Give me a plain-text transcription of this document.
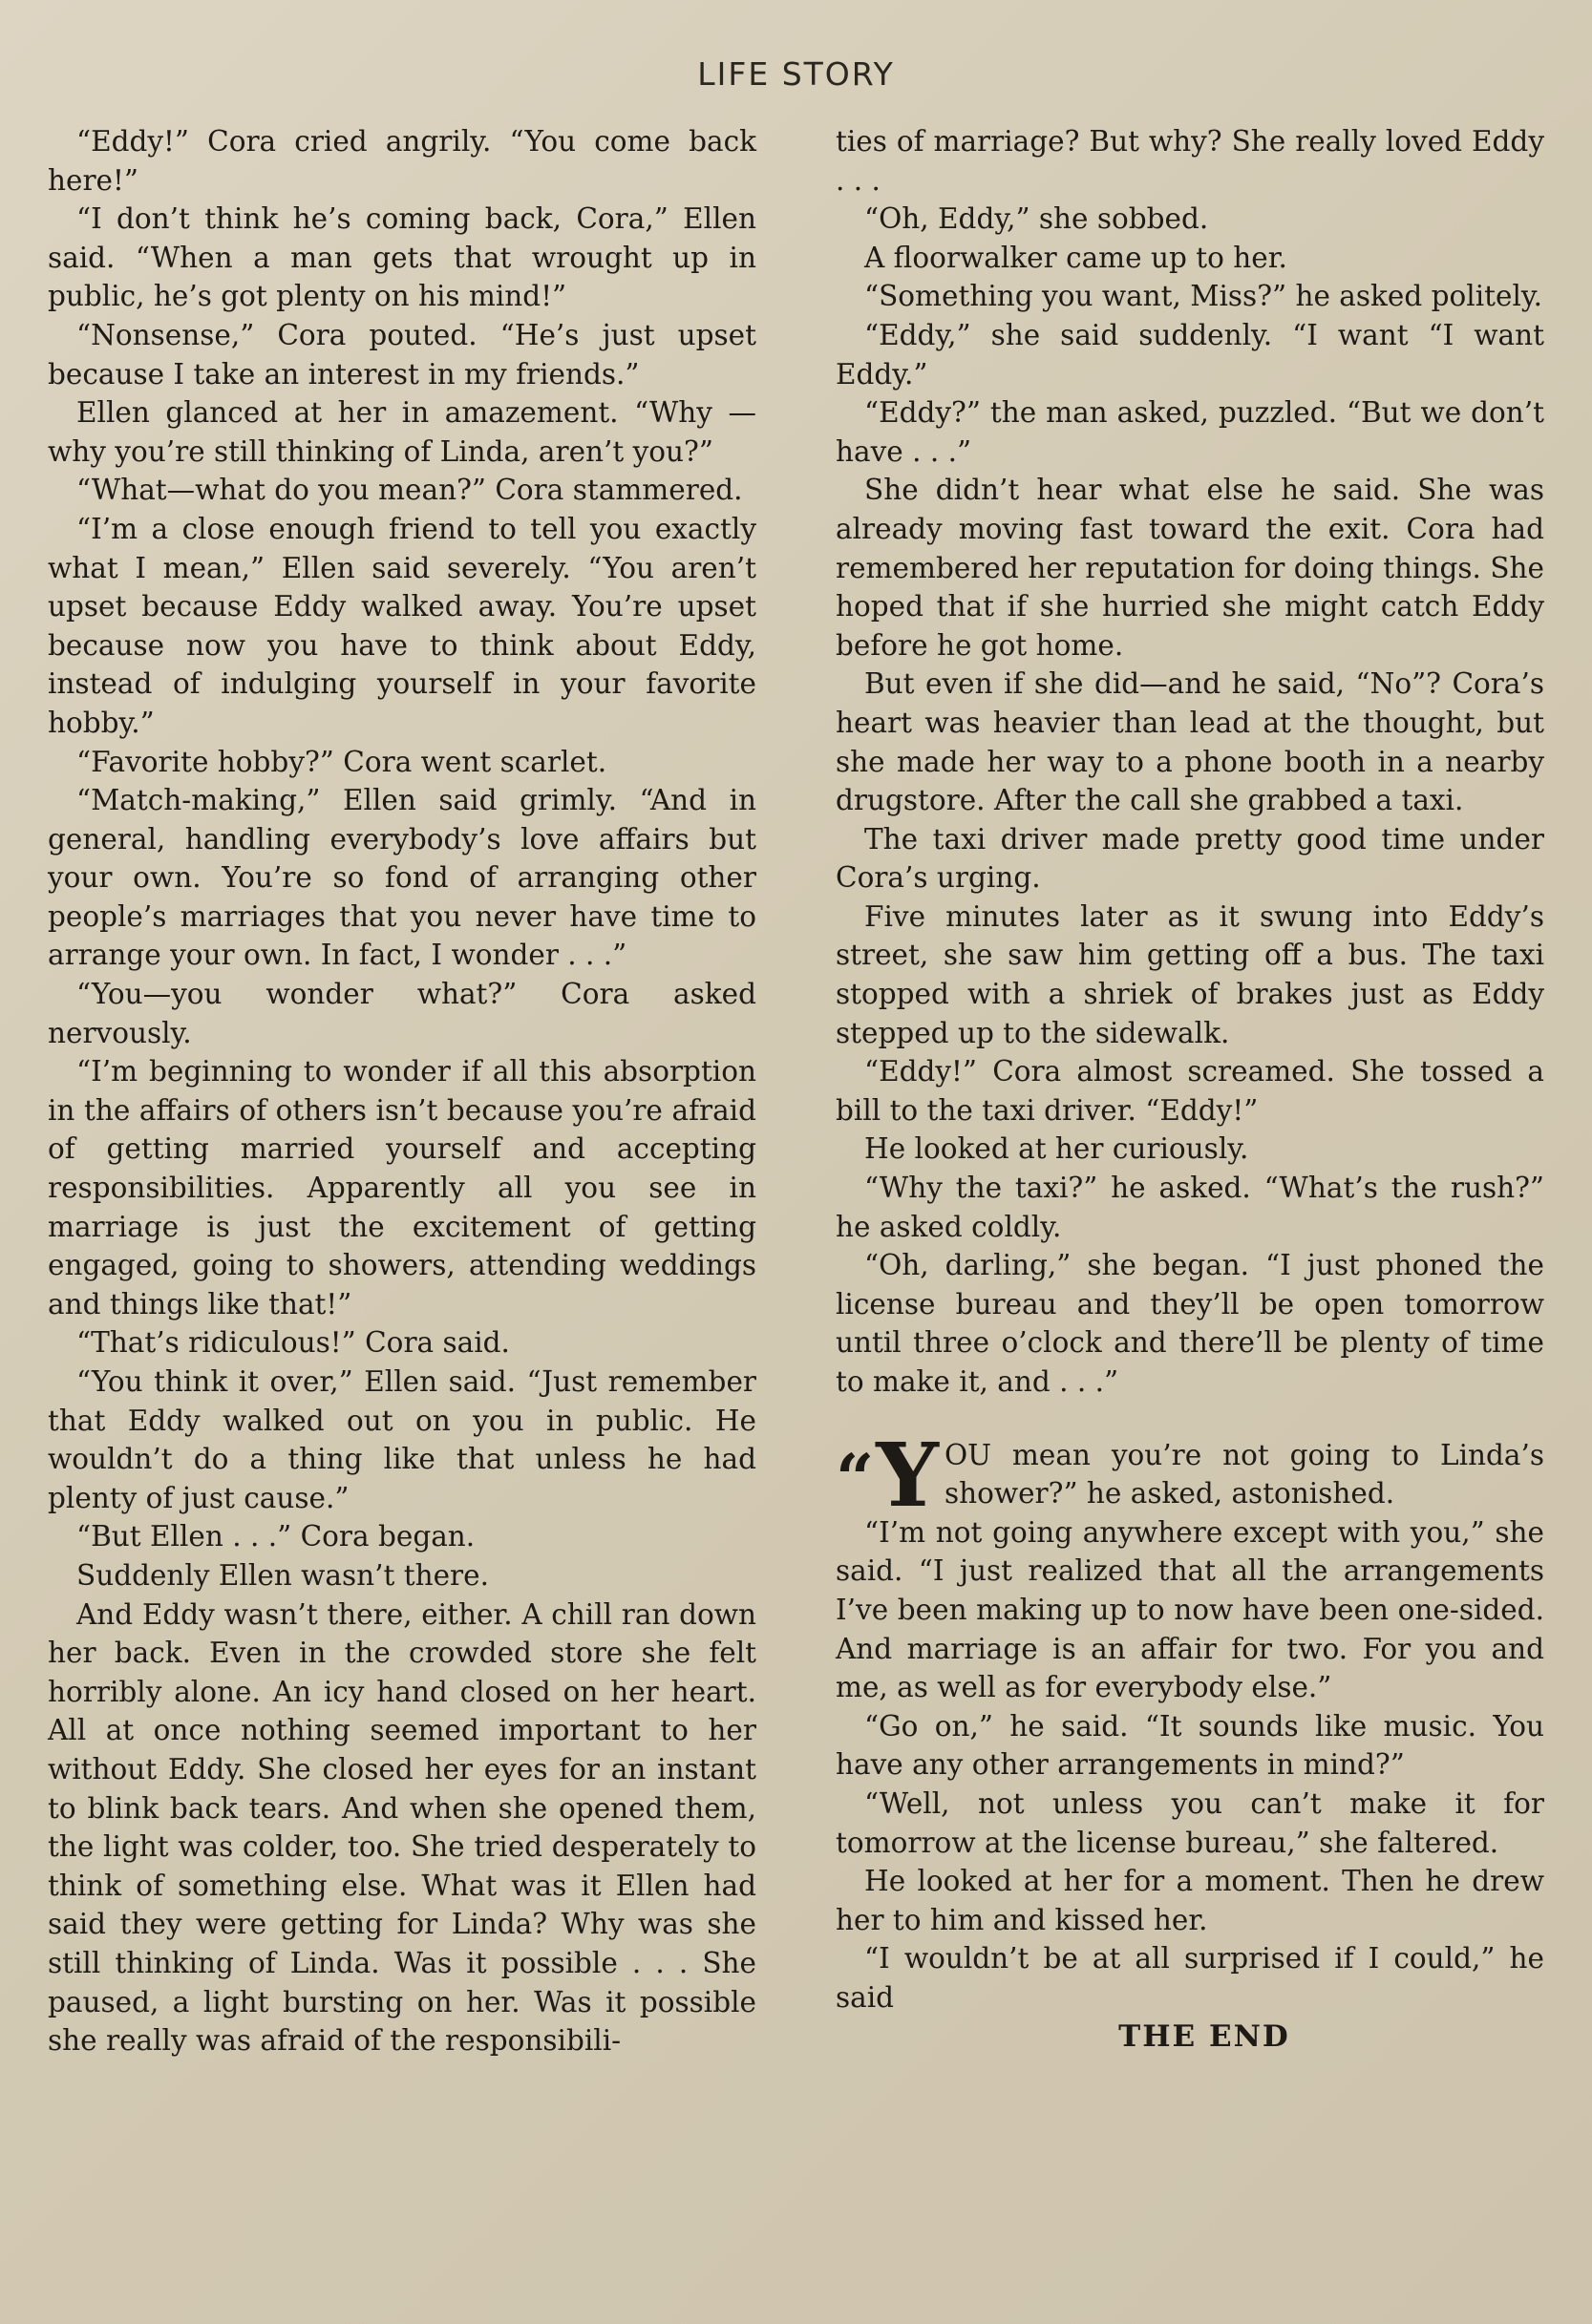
LIFE STORY

“Eddy!” Cora cried angrily. “You come back here!”

“I don’t think he’s coming back, Cora,” Ellen said. “When a man gets that wrought up in public, he’s got plenty on his mind!”

“Nonsense,” Cora pouted. “He’s just upset because I take an interest in my friends.”

Ellen glanced at her in amazement. “Why —why you’re still thinking of Linda, aren’t you?”

“What—what do you mean?” Cora stammered.

“I’m a close enough friend to tell you exactly what I mean,” Ellen said severely. “You aren’t upset because Eddy walked away. You’re upset because now you have to think about Eddy, instead of indulging yourself in your favorite hobby.”

“Favorite hobby?” Cora went scarlet.

“Match-making,” Ellen said grimly. “And in general, handling everybody’s love affairs but your own. You’re so fond of arranging other people’s marriages that you never have time to arrange your own. In fact, I wonder . . .”

“You—you wonder what?” Cora asked nervously.

“I’m beginning to wonder if all this absorption in the affairs of others isn’t because you’re afraid of getting married yourself and accepting responsibilities. Apparently all you see in marriage is just the excitement of getting engaged, going to showers, attending weddings and things like that!”

“That’s ridiculous!” Cora said.

“You think it over,” Ellen said. “Just remember that Eddy walked out on you in public. He wouldn’t do a thing like that unless he had plenty of just cause.”

“But Ellen . . .” Cora began.

Suddenly Ellen wasn’t there.

And Eddy wasn’t there, either. A chill ran down her back. Even in the crowded store she felt horribly alone. An icy hand closed on her heart. All at once nothing seemed important to her without Eddy. She closed her eyes for an instant to blink back tears. And when she opened them, the light was colder, too. She tried desperately to think of something else. What was it Ellen had said they were getting for Linda? Why was she still thinking of Linda. Was it possible . . . She paused, a light bursting on her. Was it possible she really was afraid of the responsibili-

ties of marriage? But why? She really loved Eddy . . .

“Oh, Eddy,” she sobbed.

A floorwalker came up to her.

“Something you want, Miss?” he asked politely.

“Eddy,” she said suddenly. “I want “I want Eddy.”

“Eddy?” the man asked, puzzled. “But we don’t have . . .”

She didn’t hear what else he said. She was already moving fast toward the exit. Cora had remembered her reputation for doing things. She hoped that if she hurried she might catch Eddy before he got home.

But even if she did—and he said, “No”? Cora’s heart was heavier than lead at the thought, but she made her way to a phone booth in a nearby drugstore. After the call she grabbed a taxi.

The taxi driver made pretty good time under Cora’s urging.

Five minutes later as it swung into Eddy’s street, she saw him getting off a bus. The taxi stopped with a shriek of brakes just as Eddy stepped up to the sidewalk.

“Eddy!” Cora almost screamed. She tossed a bill to the taxi driver. “Eddy!”

He looked at her curiously.

“Why the taxi?” he asked. “What’s the rush?” he asked coldly.

“Oh, darling,” she began. “I just phoned the license bureau and they’ll be open tomorrow until three o’clock and there’ll be plenty of time to make it, and . . .”

“Y OU mean you’re not going to Linda’s shower?” he asked, astonished.

“I’m not going anywhere except with you,” she said. “I just realized that all the arrangements I’ve been making up to now have been one-sided. And marriage is an affair for two. For you and me, as well as for everybody else.”

“Go on,” he said. “It sounds like music. You have any other arrangements in mind?”

“Well, not unless you can’t make it for tomorrow at the license bureau,” she faltered.

He looked at her for a moment. Then he drew her to him and kissed her.

“I wouldn’t be at all surprised if I could,” he said

THE END
